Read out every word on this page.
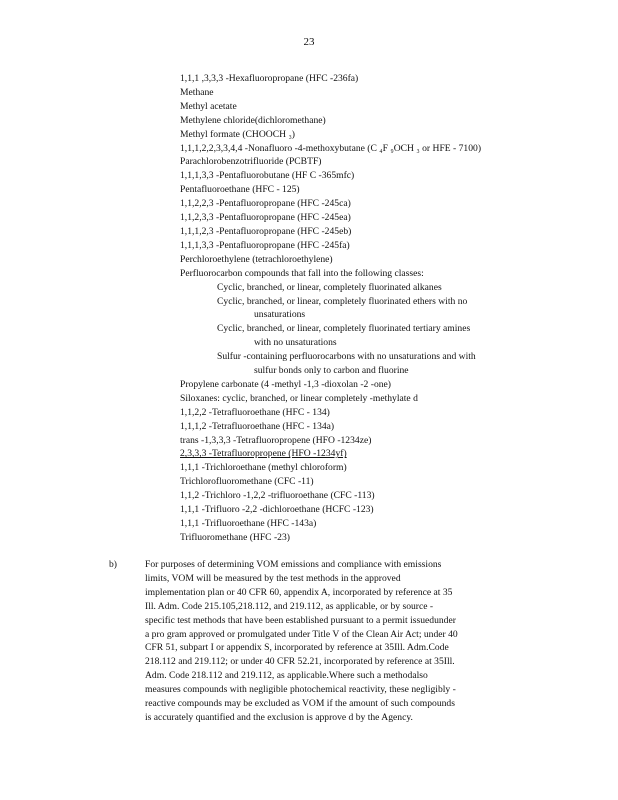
23
1,1,1 ,3,3,3 -Hexafluoropropane (HFC -236fa)
Methane
Methyl acetate
Methylene chloride(dichloromethane)
Methyl formate (CHOOCH ₃)
1,1,1,2,2,3,3,4,4 -Nonafluoro -4-methoxybutane (C ₄F ₉OCH ₃ or HFE - 7100)
Parachlorobenzotrifluoride (PCBTF)
1,1,1,3,3 -Pentafluorobutane (HF C -365mfc)
Pentafluoroethane (HFC - 125)
1,1,2,2,3 -Pentafluoropropane (HFC -245ca)
1,1,2,3,3 -Pentafluoropropane (HFC -245ea)
1,1,1,2,3 -Pentafluoropropane (HFC -245eb)
1,1,1,3,3 -Pentafluoropropane (HFC -245fa)
Perchloroethylene (tetrachloroethylene)
Perfluorocarbon compounds that fall into the following classes:
Cyclic, branched, or linear, completely fluorinated alkanes
Cyclic, branched, or linear, completely fluorinated ethers with no
unsaturations
Cyclic, branched, or linear, completely fluorinated tertiary amines
with no unsaturations
Sulfur -containing perfluorocarbons with no unsaturations and with
sulfur bonds only to carbon and fluorine
Propylene carbonate (4 -methyl -1,3 -dioxolan -2 -one)
Siloxanes: cyclic, branched, or linear completely -methylate d
1,1,2,2 -Tetrafluoroethane (HFC - 134)
1,1,1,2 -Tetrafluoroethane (HFC - 134a)
trans -1,3,3,3 -Tetrafluoropropene (HFO -1234ze)
2,3,3,3 -Tetrafluoropropene (HFO -1234yf)
1,1,1 -Trichloroethane (methyl chloroform)
Trichlorofluoromethane (CFC -11)
1,1,2 -Trichloro -1,2,2 -trifluoroethane (CFC -113)
1,1,1 -Trifluoro -2,2 -dichloroethane (HCFC -123)
1,1,1 -Trifluoroethane (HFC -143a)
Trifluoromethane (HFC -23)
b)	For purposes of determining VOM emissions and compliance with emissions
limits, VOM will be measured by the test methods in the approved
implementation plan or 40 CFR 60, appendix A, incorporated by reference at 35
Ill. Adm. Code 215.105,218.112, and 219.112, as applicable, or by source -
specific test methods that have been established pursuant to a permit issuedunder
a pro gram approved or promulgated under Title V of the Clean Air Act; under 40
CFR 51, subpart I or appendix S, incorporated by reference at 35Ill. Adm.Code
218.112 and 219.112; or under 40 CFR 52.21, incorporated by reference at 35Ill.
Adm. Code 218.112 and 219.112, as applicable.Where such a methodalso
measures compounds with negligible photochemical reactivity, these negligibly -
reactive compounds may be excluded as VOM if the amount of such compounds
is accurately quantified and the exclusion is approve d by the Agency.
